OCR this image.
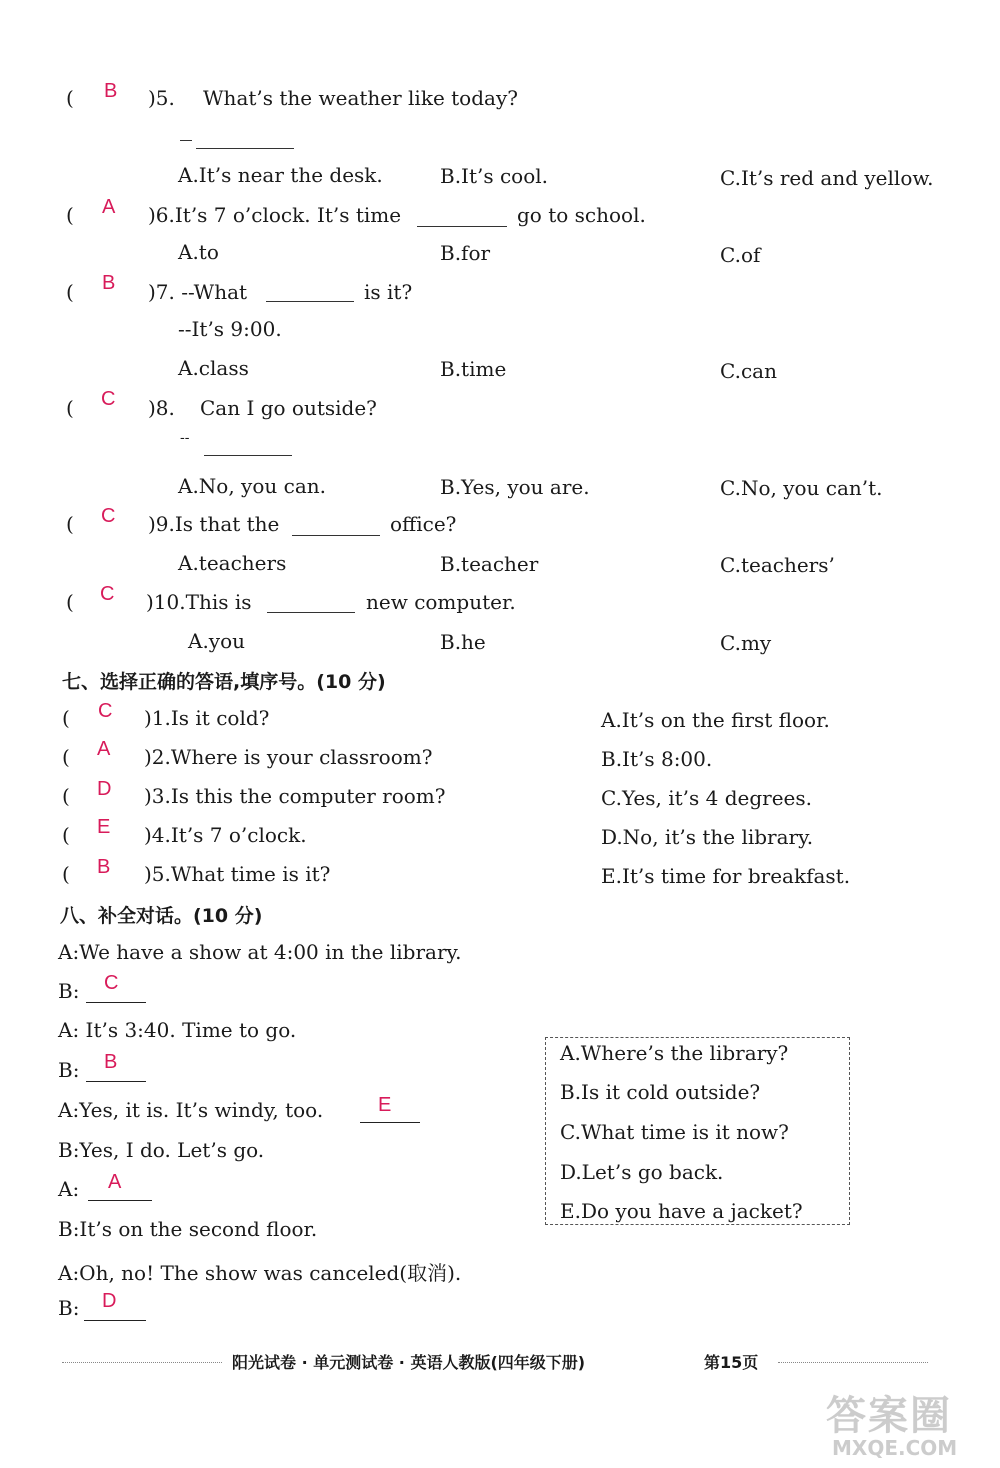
( B )5. What’s the weather like today?
A.It’s near the desk.	B.It’s cool.	C.It’s red and yellow.
( A )6.It’s 7 o’clock. It’s time	go to school.
A.to	B.for	C.of
( B )7. --What	is it?
--It’s 9:00.
A.class	B.time	C.can
( C )8. Can I go outside?
--
A.No, you can.	B.Yes, you are.	C.No, you can’t.
( C )9.Is that the	office?
A.teachers	B.teacher	C.teachers’
( C )10.This is	new computer.
A.you	B.he	C.my
七、选择正确的答语,填序号。(10 分)
( C )1.Is it cold?	A.It’s on the first floor.
( A )2.Where is your classroom?	B.It’s 8:00.
( D )3.Is this the computer room?	C.Yes, it’s 4 degrees.
( E )4.It’s 7 o’clock.	D.No, it’s the library.
( B )5.What time is it?	E.It’s time for breakfast.
八、补全对话。(10 分)
A:We have a show at 4:00 in the library.
B: C
A: It’s 3:40. Time to go.
B: B
A:Yes, it is. It’s windy, too.	E
B:Yes, I do. Let’s go.
A: A
B:It’s on the second floor.
A:Oh, no! The show was canceled(取消).
B: D
A.Where’s the library?
B.Is it cold outside?
C.What time is it now?
D.Let’s go back.
E.Do you have a jacket?
阳光试卷 · 单元测试卷 · 英语人教版(四年级下册)	第15页
答案圈
MXQE.COM
